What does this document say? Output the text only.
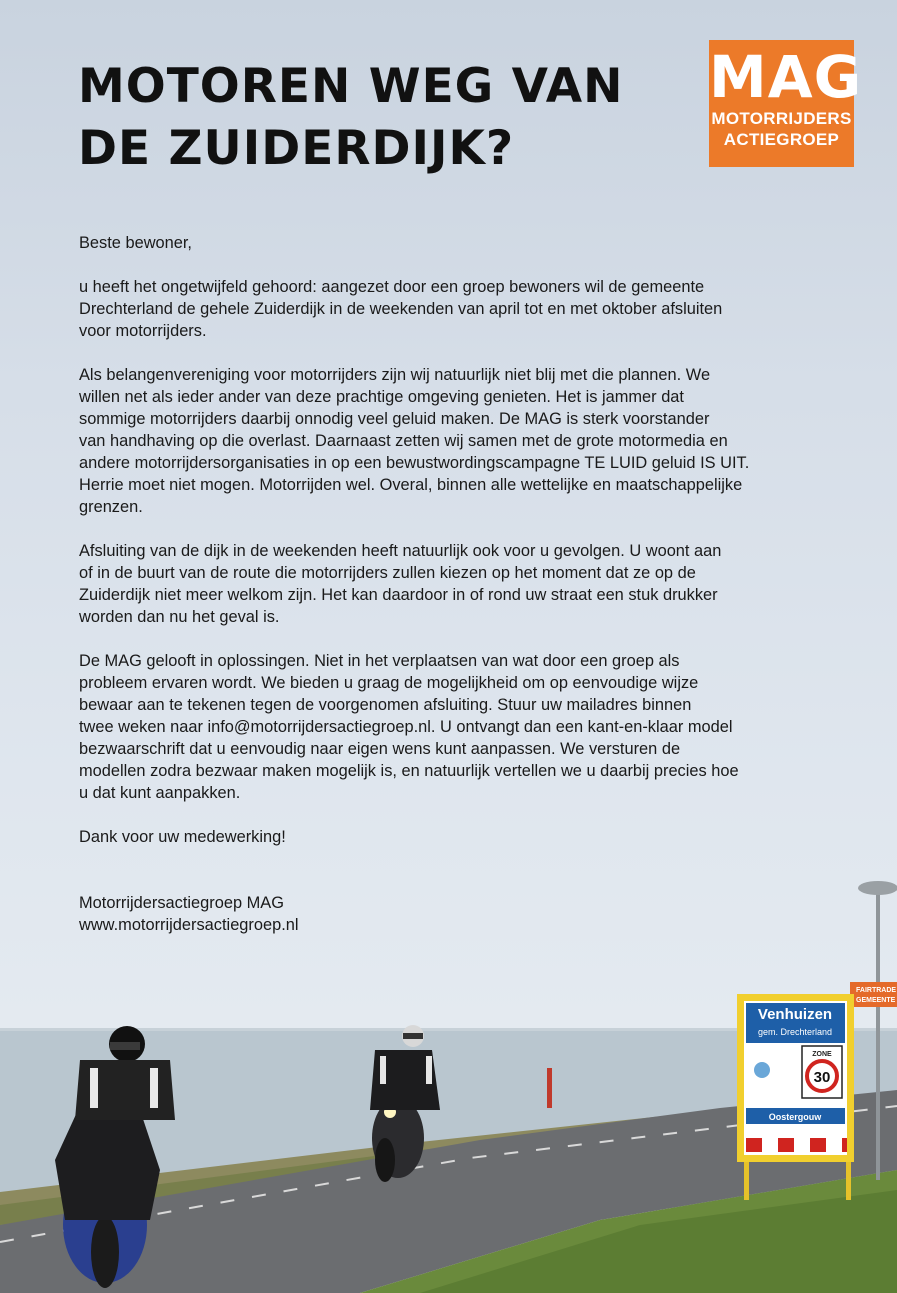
MOTOREN WEG VAN
DE ZUIDERDIJK?
MAG
MOTORRIJDERS
ACTIEGROEP

Beste bewoner,

u heeft het ongetwijfeld gehoord: aangezet door een groep bewoners wil de gemeente
Drechterland de gehele Zuiderdijk in de weekenden van april tot en met oktober afsluiten
voor motorrijders.

Als belangenvereniging voor motorrijders zijn wij natuurlijk niet blij met die plannen. We
willen net als ieder ander van deze prachtige omgeving genieten. Het is jammer dat
sommige motorrijders daarbij onnodig veel geluid maken. De MAG is sterk voorstander
van handhaving op die overlast. Daarnaast zetten wij samen met de grote motormedia en
andere motorrijdersorganisaties in op een bewustwordingscampagne TE LUID geluid IS UIT.
Herrie moet niet mogen. Motorrijden wel. Overal, binnen alle wettelijke en maatschappelijke
grenzen.

Afsluiting van de dijk in de weekenden heeft natuurlijk ook voor u gevolgen. U woont aan
of in de buurt van de route die motorrijders zullen kiezen op het moment dat ze op de
Zuiderdijk niet meer welkom zijn. Het kan daardoor in of rond uw straat een stuk drukker
worden dan nu het geval is.

De MAG gelooft in oplossingen. Niet in het verplaatsen van wat door een groep als
probleem ervaren wordt. We bieden u graag de mogelijkheid om op eenvoudige wijze
bewaar aan te tekenen tegen de voorgenomen afsluiting. Stuur uw mailadres binnen
twee weken naar info@motorrijdersactiegroep.nl. U ontvangt dan een kant-en-klaar model
bezwaarschrift dat u eenvoudig naar eigen wens kunt aanpassen. We versturen de
modellen zodra bezwaar maken mogelijk is, en natuurlijk vertellen we u daarbij precies hoe
u dat kunt aanpakken.

Dank voor uw medewerking!

Motorrijdersactiegroep MAG
www.motorrijdersactiegroep.nl

FAIRTRADE
GEMEENTE
Venhuizen
gem. Drechterland
ZONE
30
Oostergouw
